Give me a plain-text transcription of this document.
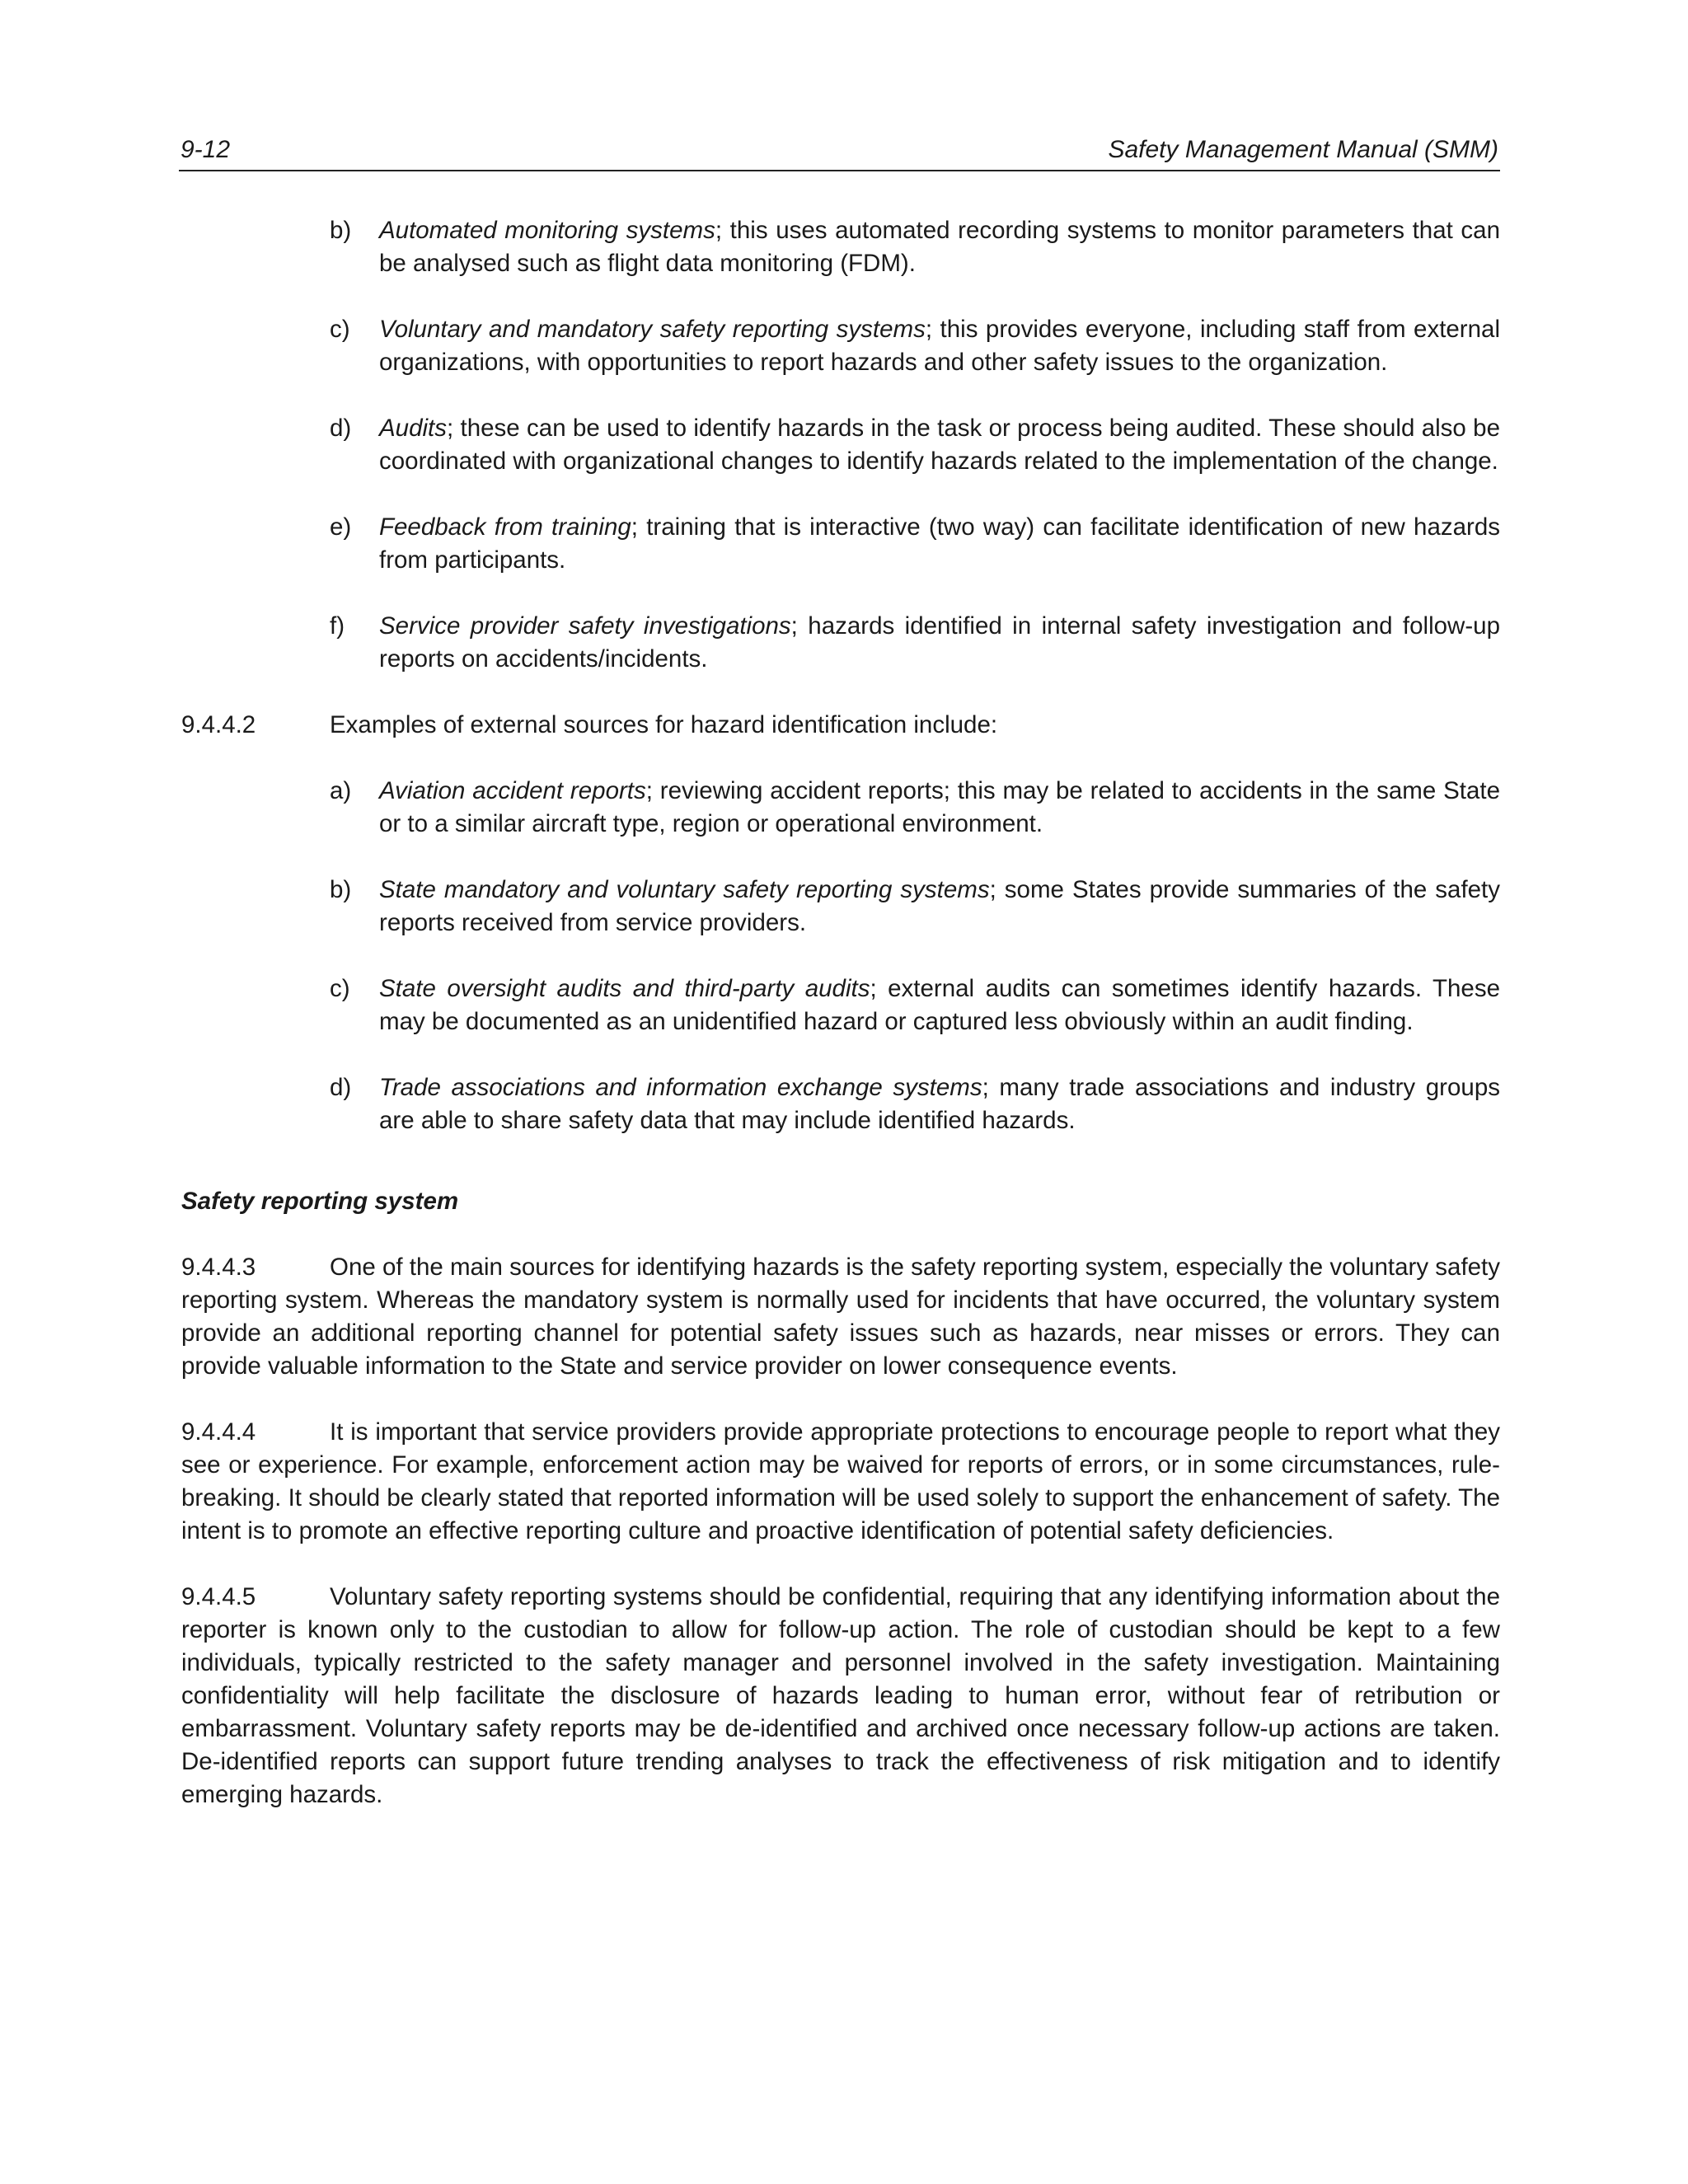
9-12	Safety Management Manual (SMM)
b) Automated monitoring systems; this uses automated recording systems to monitor parameters that can be analysed such as flight data monitoring (FDM).
c) Voluntary and mandatory safety reporting systems; this provides everyone, including staff from external organizations, with opportunities to report hazards and other safety issues to the organization.
d) Audits; these can be used to identify hazards in the task or process being audited. These should also be coordinated with organizational changes to identify hazards related to the implementation of the change.
e) Feedback from training; training that is interactive (two way) can facilitate identification of new hazards from participants.
f) Service provider safety investigations; hazards identified in internal safety investigation and follow-up reports on accidents/incidents.
9.4.4.2	Examples of external sources for hazard identification include:
a) Aviation accident reports; reviewing accident reports; this may be related to accidents in the same State or to a similar aircraft type, region or operational environment.
b) State mandatory and voluntary safety reporting systems; some States provide summaries of the safety reports received from service providers.
c) State oversight audits and third-party audits; external audits can sometimes identify hazards. These may be documented as an unidentified hazard or captured less obviously within an audit finding.
d) Trade associations and information exchange systems; many trade associations and industry groups are able to share safety data that may include identified hazards.
Safety reporting system
9.4.4.3	One of the main sources for identifying hazards is the safety reporting system, especially the voluntary safety reporting system. Whereas the mandatory system is normally used for incidents that have occurred, the voluntary system provide an additional reporting channel for potential safety issues such as hazards, near misses or errors. They can provide valuable information to the State and service provider on lower consequence events.
9.4.4.4	It is important that service providers provide appropriate protections to encourage people to report what they see or experience. For example, enforcement action may be waived for reports of errors, or in some circumstances, rule-breaking. It should be clearly stated that reported information will be used solely to support the enhancement of safety. The intent is to promote an effective reporting culture and proactive identification of potential safety deficiencies.
9.4.4.5	Voluntary safety reporting systems should be confidential, requiring that any identifying information about the reporter is known only to the custodian to allow for follow-up action. The role of custodian should be kept to a few individuals, typically restricted to the safety manager and personnel involved in the safety investigation. Maintaining confidentiality will help facilitate the disclosure of hazards leading to human error, without fear of retribution or embarrassment. Voluntary safety reports may be de-identified and archived once necessary follow-up actions are taken. De-identified reports can support future trending analyses to track the effectiveness of risk mitigation and to identify emerging hazards.
